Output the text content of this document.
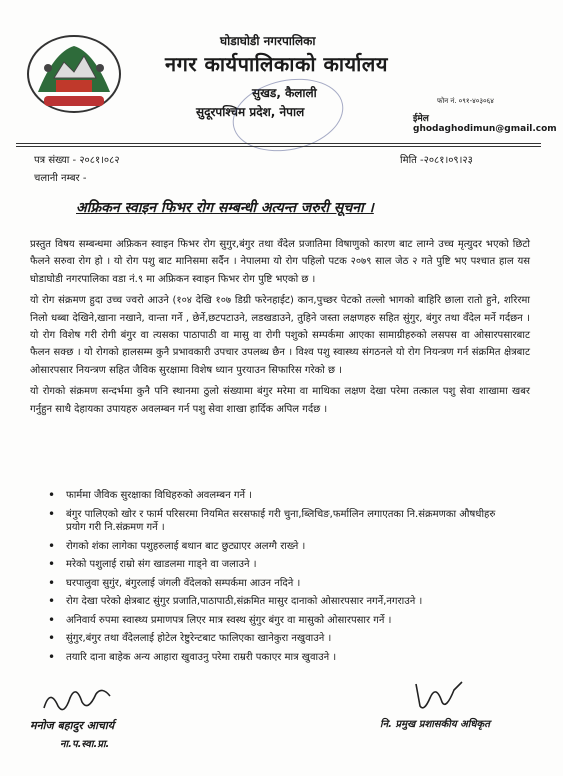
घोडाघोडी नगरपालिका
नगर कार्यपालिकाको कार्यालय
सुखड, कैलाली
सुदूरपश्चिम प्रदेश, नेपाल
फोन नं. ०९१-४०३०६४
ईमेल ghodaghodimun@gmail.com
पत्र संख्या - २०८१।०८२
चलानी नम्बर -
मिति -२०८१।०९।२३
अफ्रिकन स्वाइन फिभर रोग सम्बन्धी अत्यन्त जरुरी सूचना ।

प्रस्तुत विषय सम्बन्धमा अफ्रिकन स्वाइन फिभर रोग सुगुर,बंगुर तथा वँदेल प्रजातिमा विषाणुको कारण बाट लाग्ने उच्च मृत्युदर भएको छिटो फैलने सरुवा रोग हो । यो रोग पशु बाट मानिसमा सर्दैन । नेपालमा यो रोग पहिलो पटक २०७९ साल जेठ २ गते पुष्टि भए पश्चात हाल यस घोडाघोडी नगरपालिका वडा नं.९ मा अफ्रिकन स्वाइन फिभर रोग पुष्टि भएको छ ।

यो रोग संक्रमण हुदा उच्च ज्वरो आउने (१०४ देखि १०७ डिग्री फरेनहाईट) कान,पुच्छर पेटको तल्लो भागको बाहिरि छाला रातो हुने, शरिरमा निलो धब्बा देखिने,खाना नखाने, वान्ता गर्ने , छेर्ने,छटपटाउने, लडखडाउने, तुहिने जस्ता लक्षणहरु सहित सुंगुर, बंगुर तथा वँदेल मर्ने गर्दछन । यो रोग विशेष गरी रोगी बंगुर वा त्यसका पाठापाठी वा मासु वा रोगी पशुको सम्पर्कमा आएका सामाग्रीहरुको लसपस वा ओसारपसारबाट फैलन सक्छ । यो रोगको हालसम्म कुनै प्रभावकारी उपचार उपलब्ध छैन । विश्व पशु स्वास्थ्य संगठनले यो रोग नियन्त्रण गर्न संक्रमित क्षेत्रबाट ओसारपसार नियन्त्रण सहित जैविक सुरक्षामा विशेष ध्यान पुरयाउन सिफारिस गरेको छ ।

यो रोगको संक्रमण सन्दर्भमा कुनै पनि स्थानमा ठुलो संख्यामा बंगुर मरेमा वा माथिका लक्षण देखा परेमा तत्काल पशु सेवा शाखामा खबर गर्नुहुन साथै देहायका उपायहरु अवलम्बन गर्न पशु सेवा शाखा हार्दिक अपिल गर्दछ ।

• फार्ममा जैविक सुरक्षाका विधिहरुको अवलम्बन गर्ने ।
• बंगुर पालिएको खोर र फार्म परिसरमा नियमित सरसफाई गरी चुना,ब्लिचिङ,फर्मालिन लगाएतका नि.संक्रमणका औषधीहरु प्रयोग गरी नि.संक्रमण गर्ने ।
• रोगको शंका लागेका पशुहरुलाई बथान बाट छुट्याएर अलग्गै राख्ने ।
• मरेको पशुलाई राम्रो संग खाडलमा गाड्ने वा जलाउने ।
• घरपालुवा सुगुंर, बंगुरलाई जंगली वँदेलको सम्पर्कमा आउन नदिने ।
• रोग देखा परेको क्षेत्रबाट सुंगुर प्रजाति,पाठापाठी,संक्रमित मासुर दानाको ओसारपसार नगर्ने,नगराउने ।
• अनिवार्य रुपमा स्वास्थ्य प्रमाणपत्र लिएर मात्र स्वस्थ सुंगुर बंगुर वा मासुको ओसारपसार गर्ने ।
• सुंगुर,बंगुर तथा वँदेललाई होटेल रेष्टुरेन्टबाट फालिएका खानेकुरा नखुवाउने ।
• तयारि दाना बाहेक अन्य आहारा खुवाउनु परेमा राम्ररी पकाएर मात्र खुवाउने ।
मनोज बहादुर आचार्य
ना.प.स्वा.प्रा.
नि. प्रमुख प्रशासकीय अधिकृत
